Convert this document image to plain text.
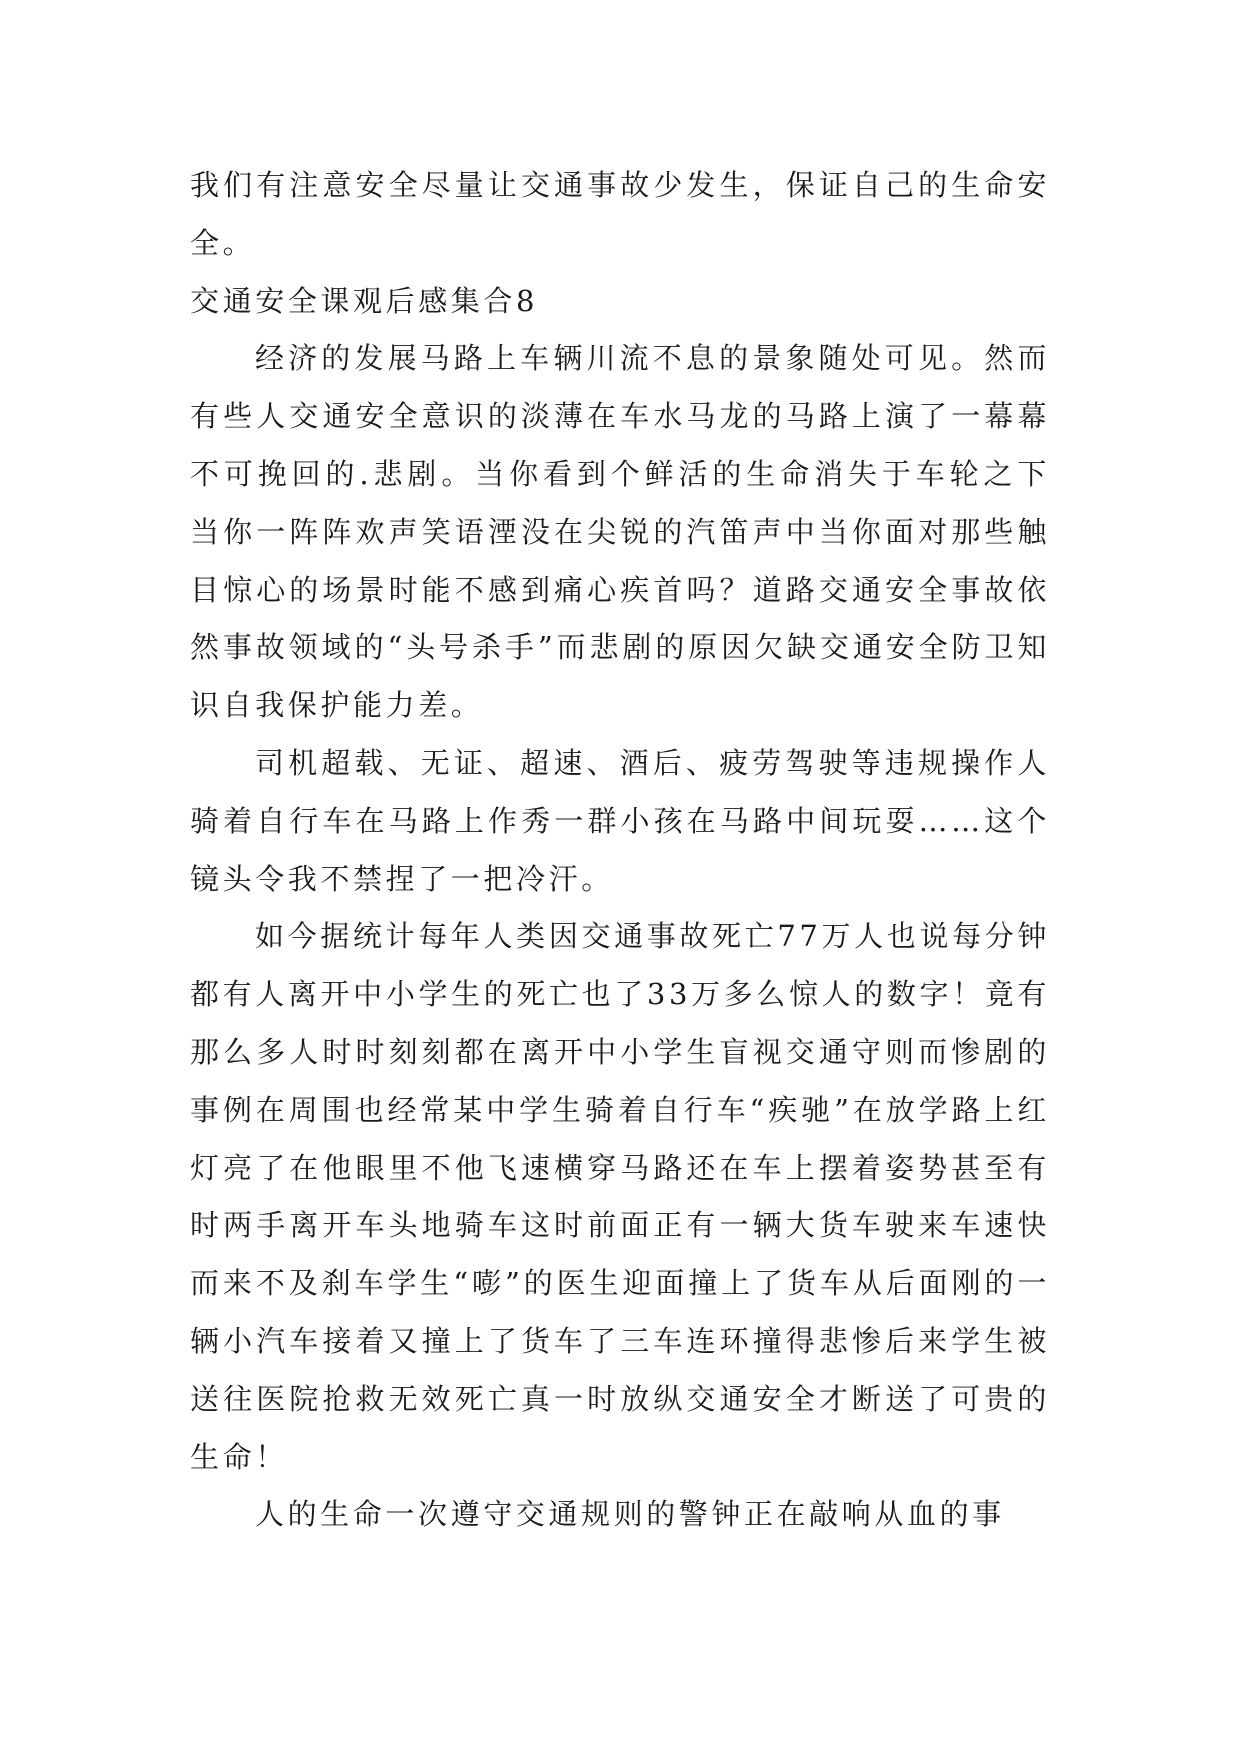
我们有注意安全尽量让交通事故少发生，保证自己的生命安全。

交通安全课观后感集合8

经济的发展马路上车辆川流不息的景象随处可见。然而有些人交通安全意识的淡薄在车水马龙的马路上演了一幕幕不可挽回的.悲剧。当你看到个鲜活的生命消失于车轮之下当你一阵阵欢声笑语湮没在尖锐的汽笛声中当你面对那些触目惊心的场景时能不感到痛心疾首吗？道路交通安全事故依然事故领域的“头号杀手”而悲剧的原因欠缺交通安全防卫知识自我保护能力差。

司机超载、无证、超速、酒后、疲劳驾驶等违规操作人骑着自行车在马路上作秀一群小孩在马路中间玩耍……这个镜头令我不禁捏了一把冷汗。

如今据统计每年人类因交通事故死亡77万人也说每分钟都有人离开中小学生的死亡也了33万多么惊人的数字！竟有那么多人时时刻刻都在离开中小学生盲视交通守则而惨剧的事例在周围也经常某中学生骑着自行车“疾驰”在放学路上红灯亮了在他眼里不他飞速横穿马路还在车上摆着姿势甚至有时两手离开车头地骑车这时前面正有一辆大货车驶来车速快而来不及刹车学生“嘭”的医生迎面撞上了货车从后面刚的一辆小汽车接着又撞上了货车了三车连环撞得悲惨后来学生被送往医院抢救无效死亡真一时放纵交通安全才断送了可贵的生命！

人的生命一次遵守交通规则的警钟正在敲响从血的事
